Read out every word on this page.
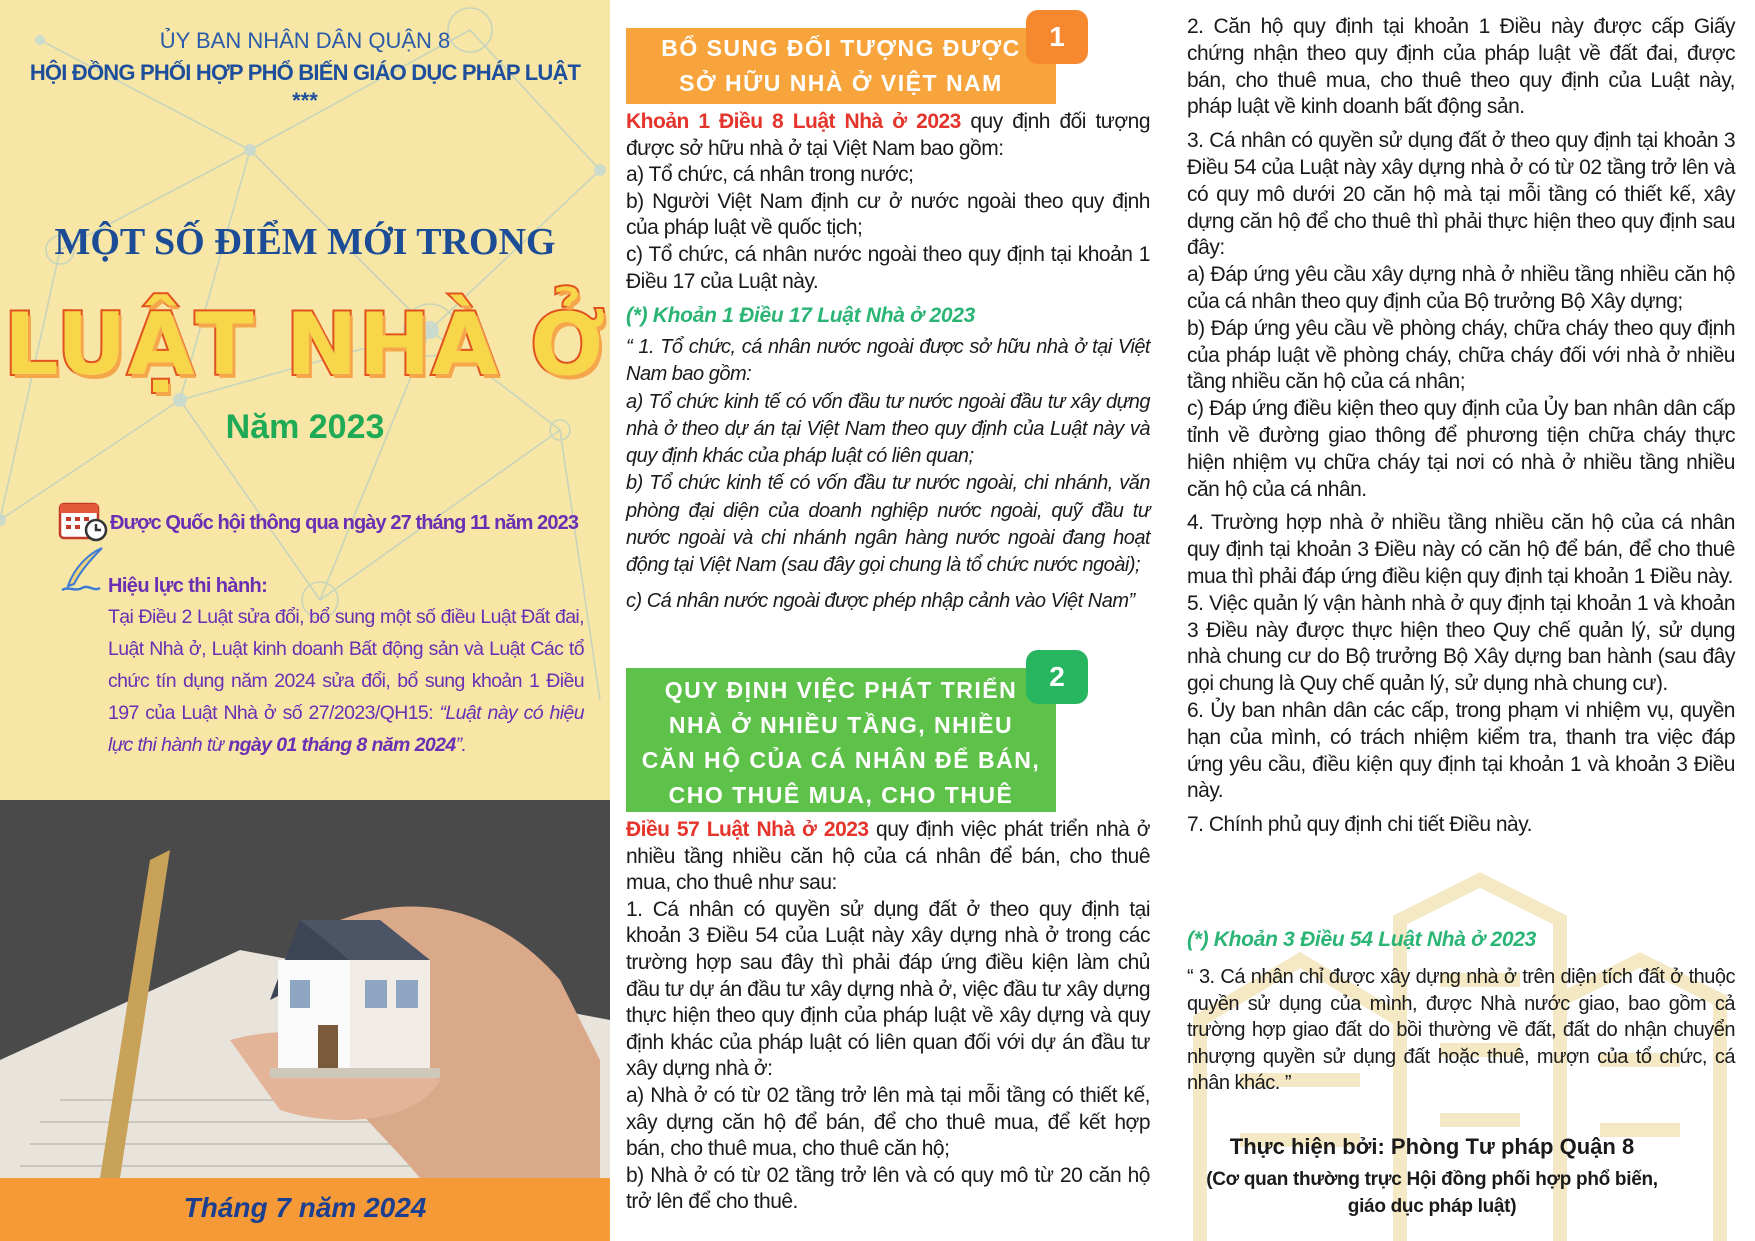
ỦY BAN NHÂN DÂN QUẬN 8
HỘI ĐỒNG PHỐI HỢP PHỔ BIẾN GIÁO DỤC PHÁP LUẬT
***
MỘT SỐ ĐIỂM MỚI TRONG
LUẬT NHÀ Ở
Năm 2023
Được Quốc hội thông qua ngày 27 tháng 11 năm 2023
Hiệu lực thi hành:
Tại Điều 2 Luật sửa đổi, bổ sung một số điều Luật Đất đai, Luật Nhà ở, Luật kinh doanh Bất động sản và Luật Các tổ chức tín dụng năm 2024 sửa đổi, bổ sung khoản 1 Điều 197 của Luật Nhà ở số 27/2023/QH15: “Luật này có hiệu lực thi hành từ ngày 01 tháng 8 năm 2024”.
Tháng 7 năm 2024
BỔ SUNG ĐỐI TƯỢNG ĐƯỢC
SỞ HỮU NHÀ Ở VIỆT NAM
1

Khoản 1 Điều 8 Luật Nhà ở 2023 quy định đối tượng được sở hữu nhà ở tại Việt Nam bao gồm:

a) Tổ chức, cá nhân trong nước;

b) Người Việt Nam định cư ở nước ngoài theo quy định của pháp luật về quốc tịch;

c) Tổ chức, cá nhân nước ngoài theo quy định tại khoản 1 Điều 17 của Luật này.

(*) Khoản 1 Điều 17 Luật Nhà ở 2023

“ 1. Tổ chức, cá nhân nước ngoài được sở hữu nhà ở tại Việt Nam bao gồm:

a) Tổ chức kinh tế có vốn đầu tư nước ngoài đầu tư xây dựng nhà ở theo dự án tại Việt Nam theo quy định của Luật này và quy định khác của pháp luật có liên quan;

b) Tổ chức kinh tế có vốn đầu tư nước ngoài, chi nhánh, văn phòng đại diện của doanh nghiệp nước ngoài, quỹ đầu tư nước ngoài và chi nhánh ngân hàng nước ngoài đang hoạt động tại Việt Nam (sau đây gọi chung là tổ chức nước ngoài);

c) Cá nhân nước ngoài được phép nhập cảnh vào Việt Nam”

QUY ĐỊNH VIỆC PHÁT TRIỂN
NHÀ Ở NHIỀU TẦNG, NHIỀU
CĂN HỘ CỦA CÁ NHÂN ĐỂ BÁN,
CHO THUÊ MUA, CHO THUÊ
2

Điều 57 Luật Nhà ở 2023 quy định việc phát triển nhà ở nhiều tầng nhiều căn hộ của cá nhân để bán, cho thuê mua, cho thuê như sau:

1. Cá nhân có quyền sử dụng đất ở theo quy định tại khoản 3 Điều 54 của Luật này xây dựng nhà ở trong các trường hợp sau đây thì phải đáp ứng điều kiện làm chủ đầu tư dự án đầu tư xây dựng nhà ở, việc đầu tư xây dựng thực hiện theo quy định của pháp luật về xây dựng và quy định khác của pháp luật có liên quan đối với dự án đầu tư xây dựng nhà ở:

a) Nhà ở có từ 02 tầng trở lên mà tại mỗi tầng có thiết kế, xây dựng căn hộ để bán, để cho thuê mua, để kết hợp bán, cho thuê mua, cho thuê căn hộ;

b) Nhà ở có từ 02 tầng trở lên và có quy mô từ 20 căn hộ trở lên để cho thuê.

2. Căn hộ quy định tại khoản 1 Điều này được cấp Giấy chứng nhận theo quy định của pháp luật về đất đai, được bán, cho thuê mua, cho thuê theo quy định của Luật này, pháp luật về kinh doanh bất động sản.

3. Cá nhân có quyền sử dụng đất ở theo quy định tại khoản 3 Điều 54 của Luật này xây dựng nhà ở có từ 02 tầng trở lên và có quy mô dưới 20 căn hộ mà tại mỗi tầng có thiết kế, xây dựng căn hộ để cho thuê thì phải thực hiện theo quy định sau đây:

a) Đáp ứng yêu cầu xây dựng nhà ở nhiều tầng nhiều căn hộ của cá nhân theo quy định của Bộ trưởng Bộ Xây dựng;

b) Đáp ứng yêu cầu về phòng cháy, chữa cháy theo quy định của pháp luật về phòng cháy, chữa cháy đối với nhà ở nhiều tầng nhiều căn hộ của cá nhân;

c) Đáp ứng điều kiện theo quy định của Ủy ban nhân dân cấp tỉnh về đường giao thông để phương tiện chữa cháy thực hiện nhiệm vụ chữa cháy tại nơi có nhà ở nhiều tầng nhiều căn hộ của cá nhân.

4. Trường hợp nhà ở nhiều tầng nhiều căn hộ của cá nhân quy định tại khoản 3 Điều này có căn hộ để bán, để cho thuê mua thì phải đáp ứng điều kiện quy định tại khoản 1 Điều này.

5. Việc quản lý vận hành nhà ở quy định tại khoản 1 và khoản 3 Điều này được thực hiện theo Quy chế quản lý, sử dụng nhà chung cư do Bộ trưởng Bộ Xây dựng ban hành (sau đây gọi chung là Quy chế quản lý, sử dụng nhà chung cư).

6. Ủy ban nhân dân các cấp, trong phạm vi nhiệm vụ, quyền hạn của mình, có trách nhiệm kiểm tra, thanh tra việc đáp ứng yêu cầu, điều kiện quy định tại khoản 1 và khoản 3 Điều này.

7. Chính phủ quy định chi tiết Điều này.

(*) Khoản 3 Điều 54 Luật Nhà ở 2023
“ 3. Cá nhân chỉ được xây dựng nhà ở trên diện tích đất ở thuộc quyền sử dụng của mình, được Nhà nước giao, bao gồm cả trường hợp giao đất do bồi thường về đất, đất do nhận chuyển nhượng quyền sử dụng đất hoặc thuê, mượn của tổ chức, cá nhân khác. ”
Thực hiện bởi: Phòng Tư pháp Quận 8
(Cơ quan thường trực Hội đồng phối hợp phổ biến, giáo dục pháp luật)
